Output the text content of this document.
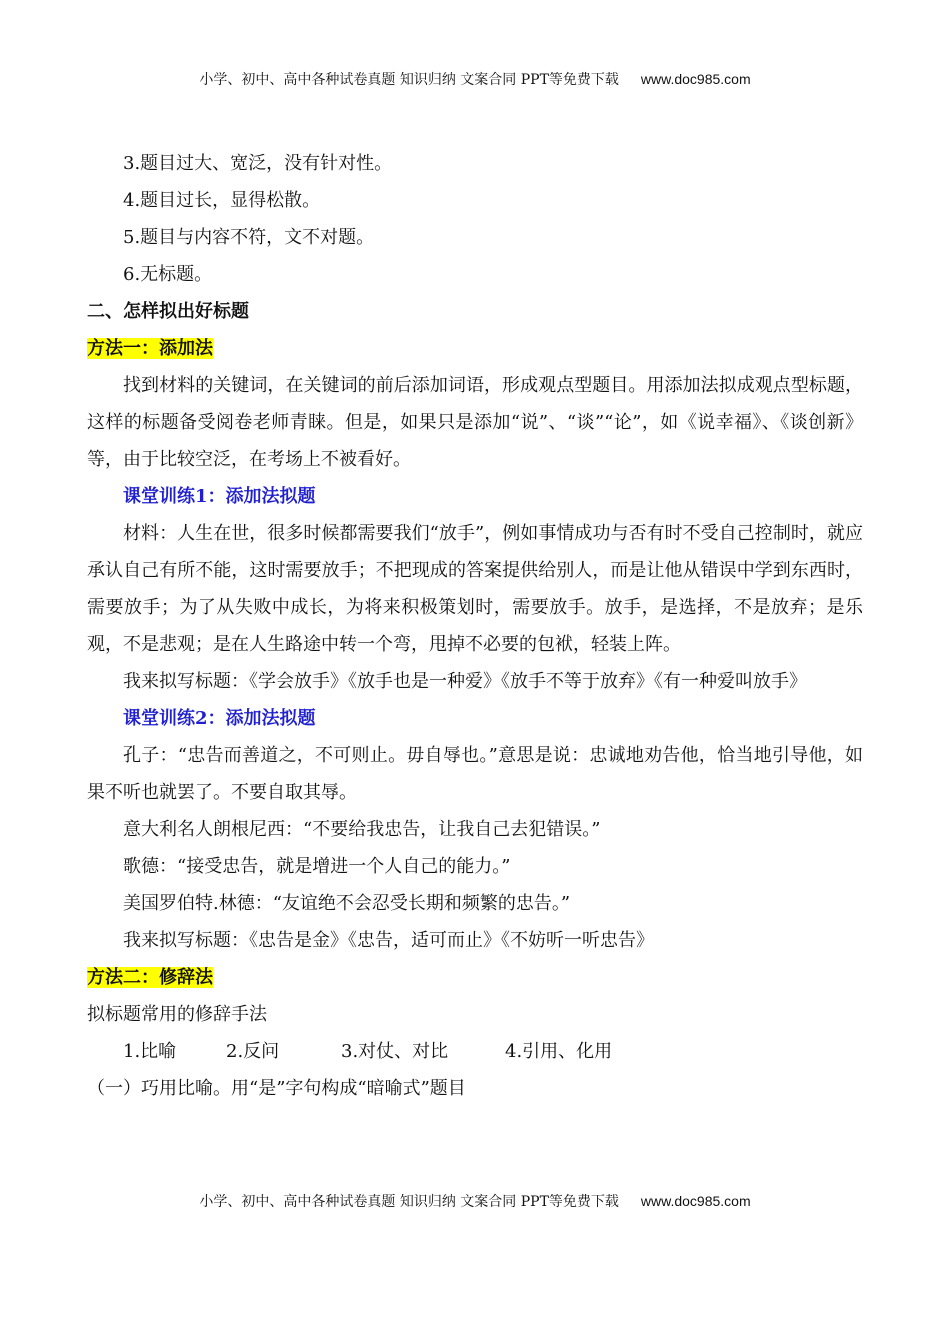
小学、初中、高中各种试卷真题 知识归纳 文案合同 PPT等免费下载 www.doc985.com
3.题目过大、宽泛，没有针对性。
4.题目过长，显得松散。
5.题目与内容不符，文不对题。
6.无标题。
二、怎样拟出好标题
方法一：添加法
找到材料的关键词，在关键词的前后添加词语，形成观点型题目。用添加法拟成观点型标题，这样的标题备受阅卷老师青睐。但是，如果只是添加“说”、“谈”“论”，如《说幸福》、《谈创新》等，由于比较空泛，在考场上不被看好。
课堂训练1：添加法拟题
材料：人生在世，很多时候都需要我们“放手”，例如事情成功与否有时不受自己控制时，就应承认自己有所不能，这时需要放手；不把现成的答案提供给别人，而是让他从错误中学到东西时，需要放手；为了从失败中成长，为将来积极策划时，需要放手。放手，是选择，不是放弃；是乐观，不是悲观；是在人生路途中转一个弯，甩掉不必要的包袱，轻装上阵。
我来拟写标题：《学会放手》《放手也是一种爱》《放手不等于放弃》《有一种爱叫放手》
课堂训练2：添加法拟题
孔子：“忠告而善道之，不可则止。毋自辱也。”意思是说：忠诚地劝告他，恰当地引导他，如果不听也就罢了。不要自取其辱。
意大利名人朗根尼西：“不要给我忠告，让我自己去犯错误。”
歌德：“接受忠告，就是增进一个人自己的能力。”
美国罗伯特.林德：“友谊绝不会忍受长期和频繁的忠告。”
我来拟写标题：《忠告是金》《忠告，适可而止》《不妨听一听忠告》
方法二：修辞法
拟标题常用的修辞手法
1.比喻	2.反问	3.对仗、对比	4.引用、化用
（一）巧用比喻。用“是”字句构成“暗喻式”题目
小学、初中、高中各种试卷真题 知识归纳 文案合同 PPT等免费下载 www.doc985.com
